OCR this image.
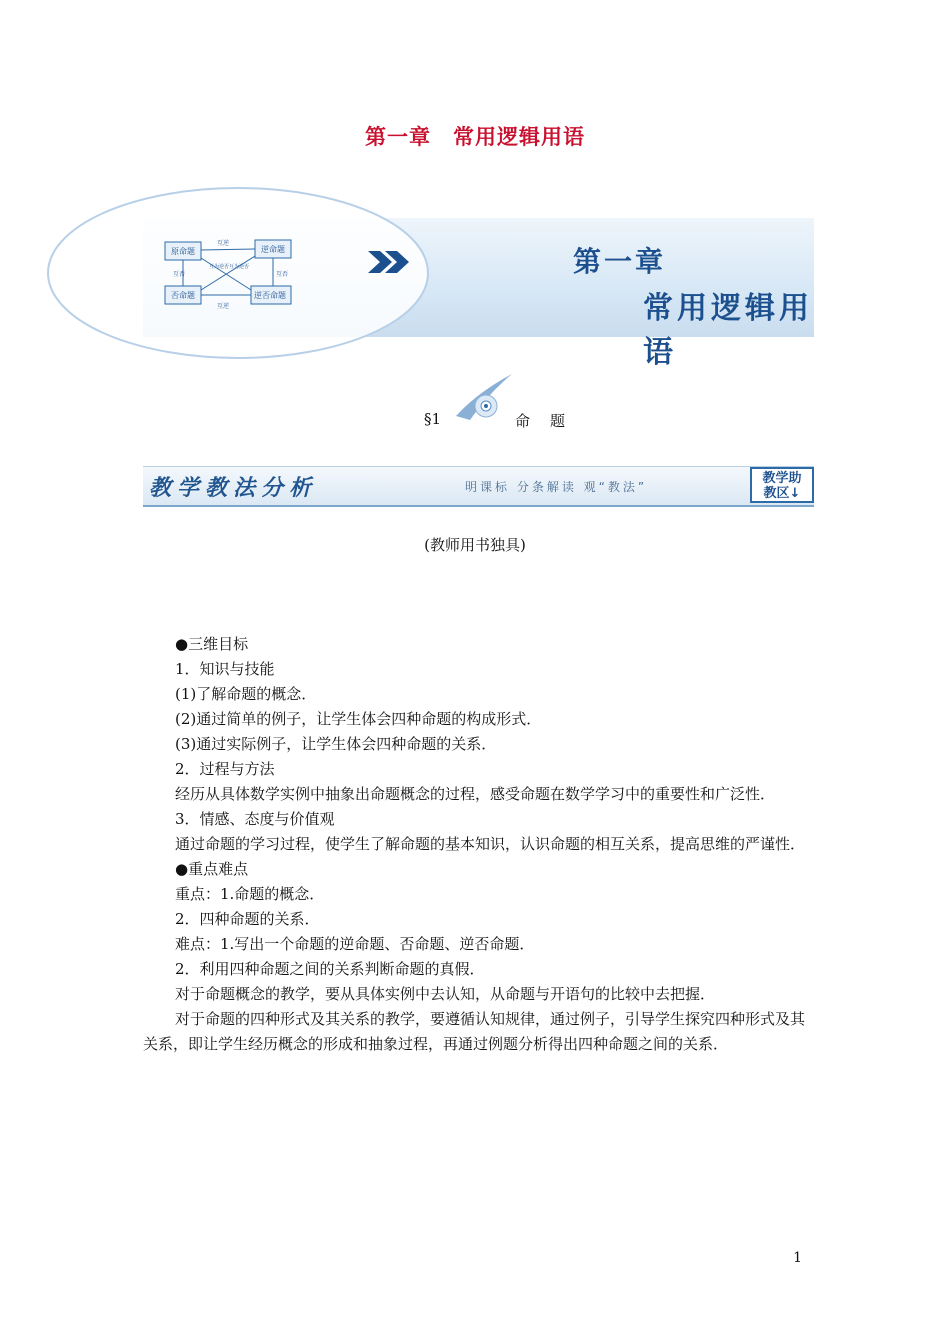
第一章　常用逻辑用语
原命题	逆命题
否命题	逆否命题
互逆
互逆
互否	互否
互为逆否 互为逆否	第一章
常用逻辑用语
§1	命题
教学教法分析	明课标 分条解读 观“教法”
教学助
教区↓
(教师用书独具)

●三维目标

1．知识与技能

(1)了解命题的概念．

(2)通过简单的例子，让学生体会四种命题的构成形式．

(3)通过实际例子，让学生体会四种命题的关系．

2．过程与方法

经历从具体数学实例中抽象出命题概念的过程，感受命题在数学学习中的重要性和广泛性．

3．情感、态度与价值观

通过命题的学习过程，使学生了解命题的基本知识，认识命题的相互关系，提高思维的严谨性．

●重点难点

重点：1.命题的概念．

2．四种命题的关系．

难点：1.写出一个命题的逆命题、否命题、逆否命题．

2．利用四种命题之间的关系判断命题的真假．

对于命题概念的教学，要从具体实例中去认知，从命题与开语句的比较中去把握．

对于命题的四种形式及其关系的教学，要遵循认知规律，通过例子，引导学生探究四种形式及其关系，即让学生经历概念的形成和抽象过程，再通过例题分析得出四种命题之间的关系．

1
